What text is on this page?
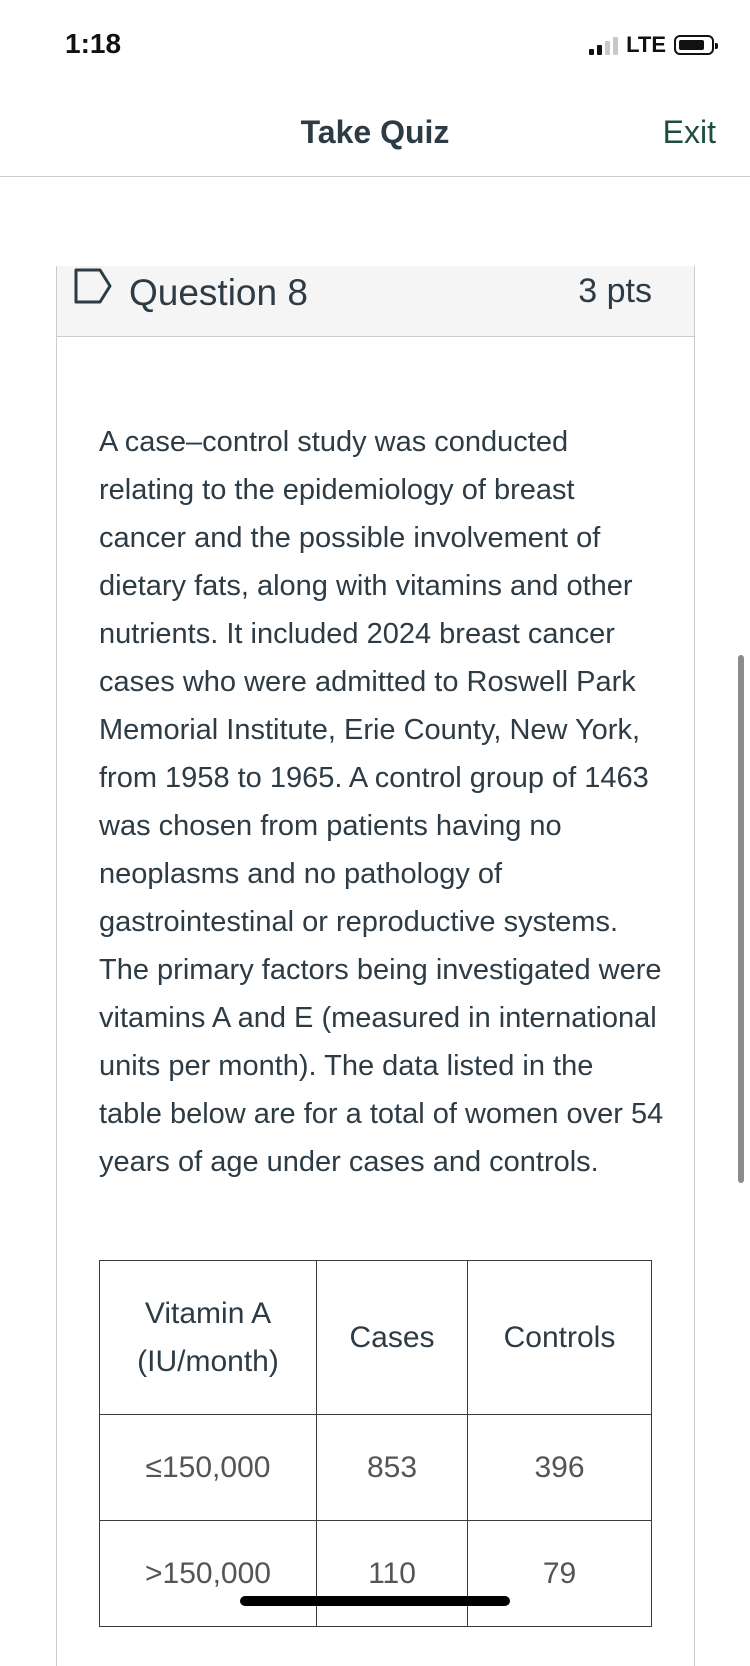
1:18	LTE
Take Quiz	Exit
Question 8	3 pts
A case–control study was conducted relating to the epidemiology of breast cancer and the possible involvement of dietary fats, along with vitamins and other nutrients. It included 2024 breast cancer cases who were admitted to Roswell Park Memorial Institute, Erie County, New York, from 1958 to 1965. A control group of 1463 was chosen from patients having no neoplasms and no pathology of gastrointestinal or reproductive systems. The primary factors being investigated were vitamins A and E (measured in international units per month). The data listed in the table below are for a total of women over 54 years of age under cases and controls.
Vitamin A
(IU/month)	Cases	Controls
≤150,000	853	396
>150,000	110	79
